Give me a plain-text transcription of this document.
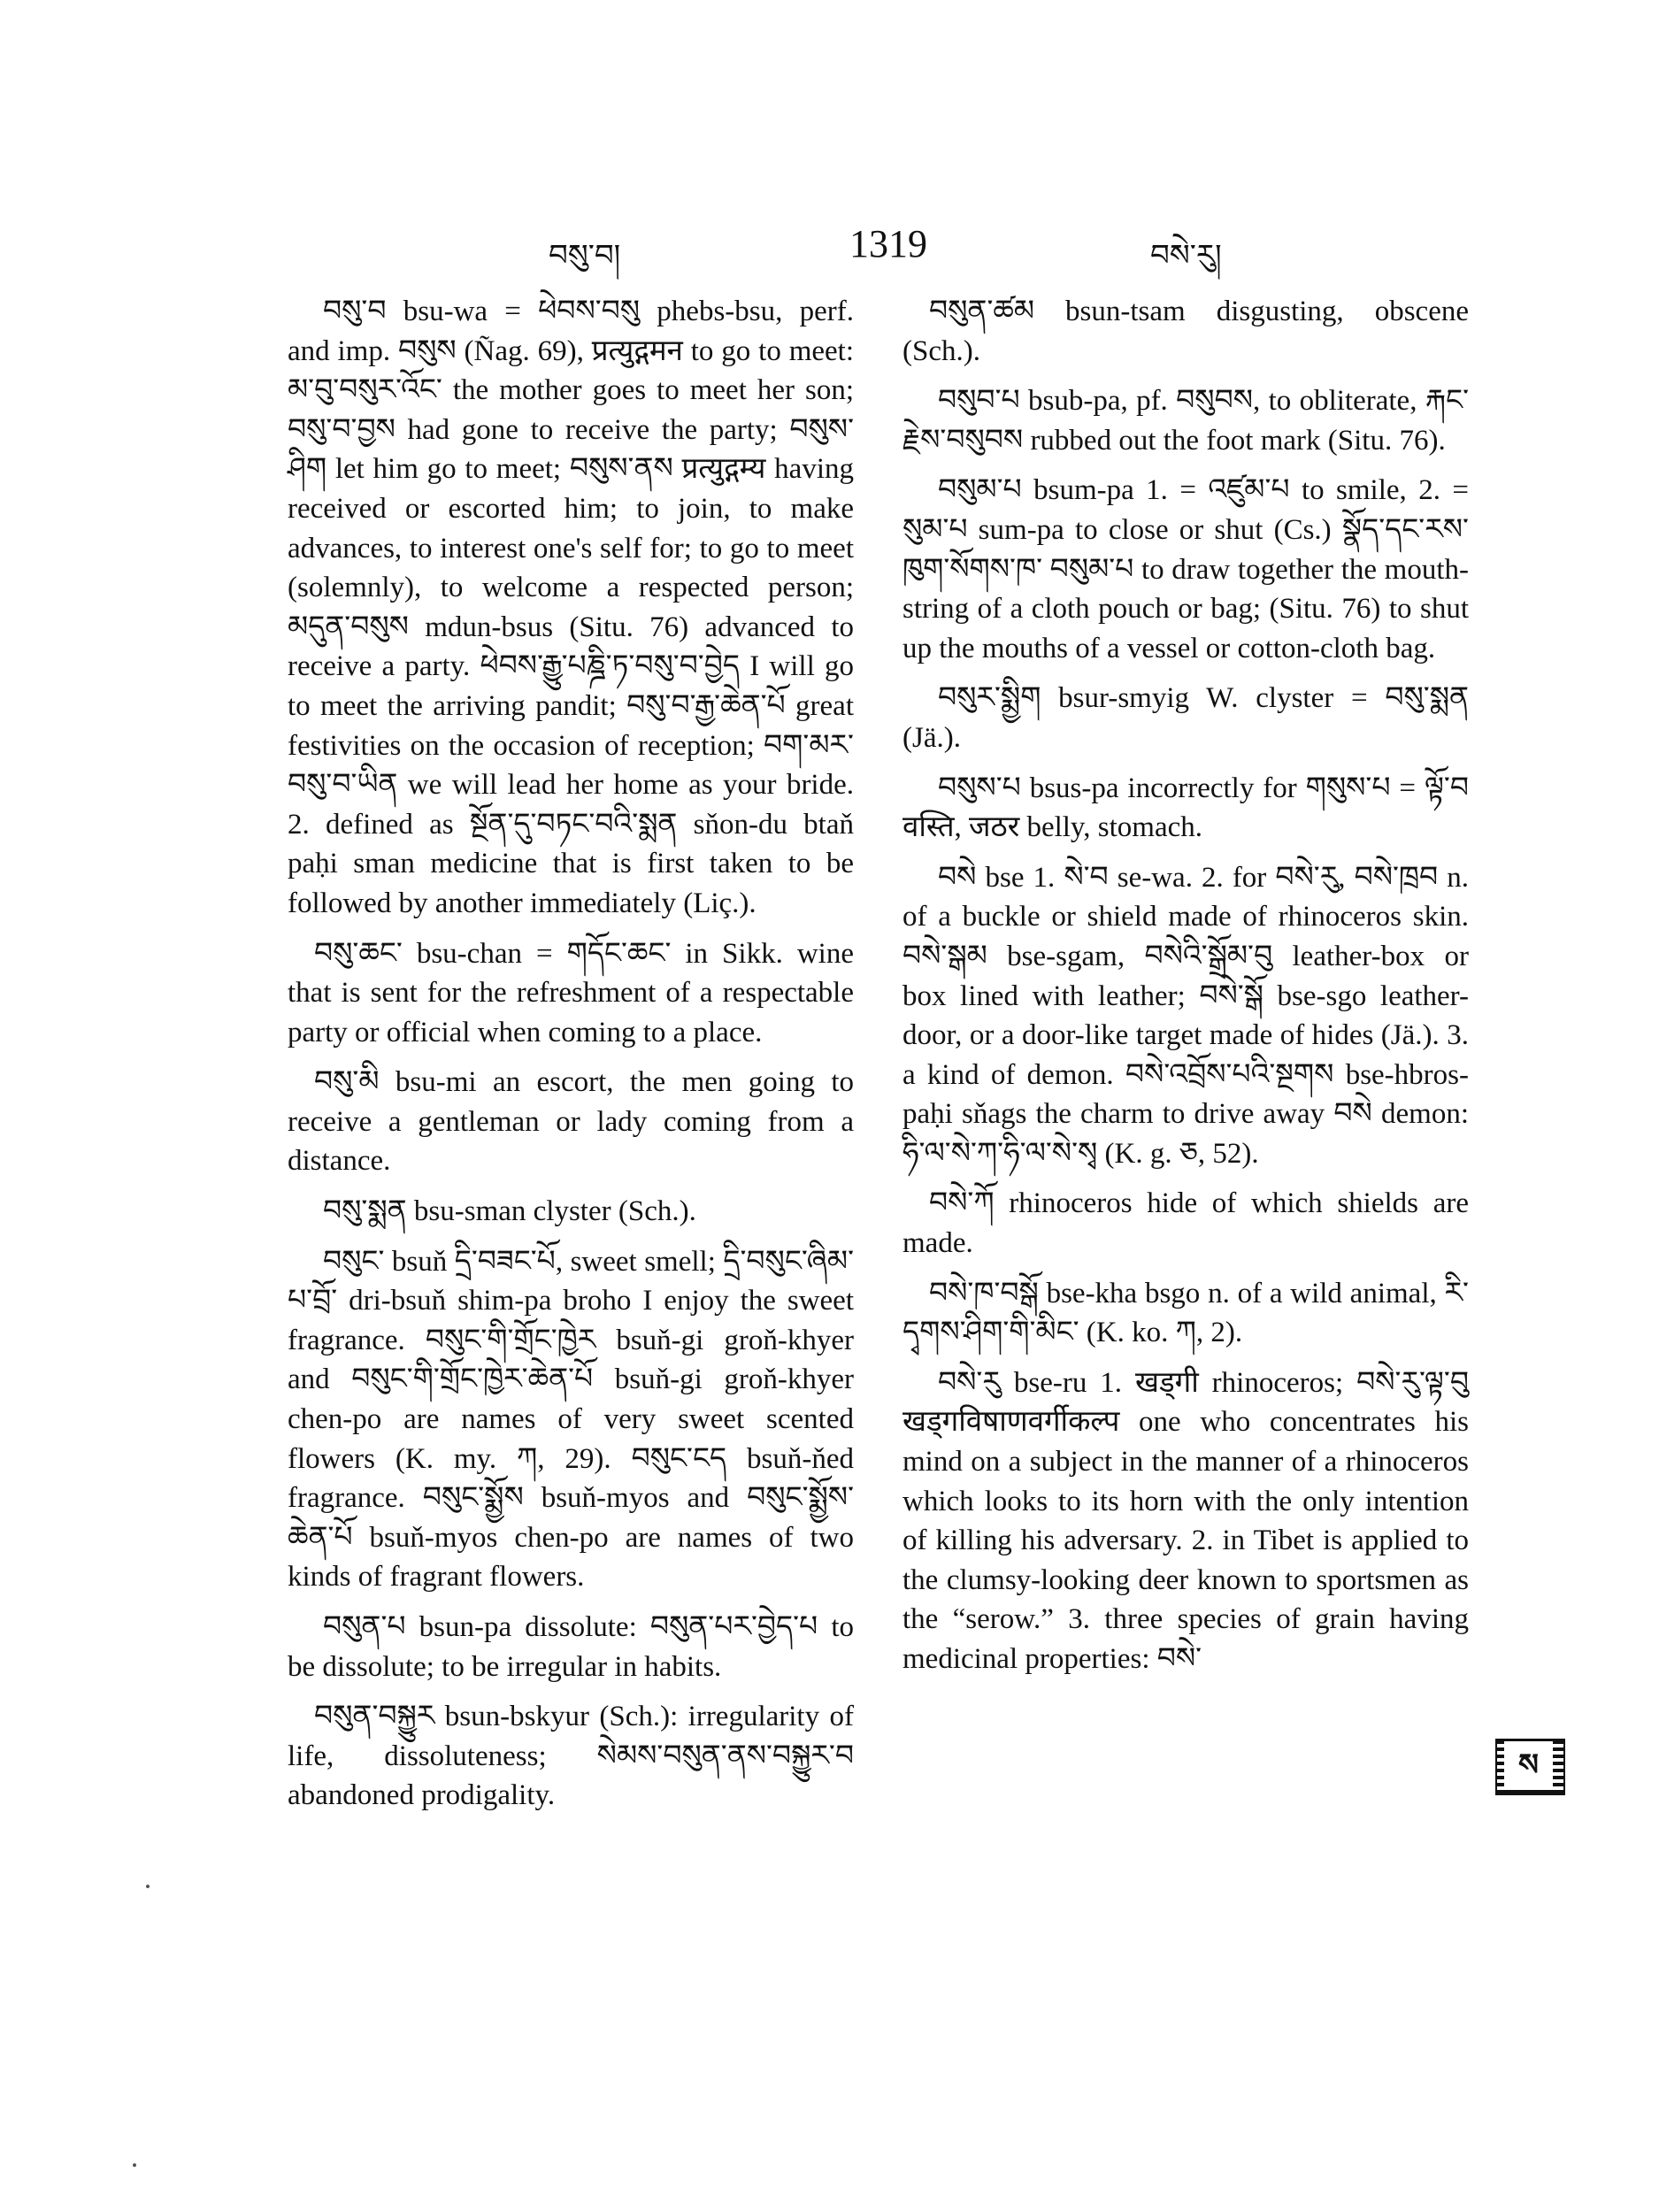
བསུ་བ།	1319	བསེ་རུ།

བསུ་བ bsu-wa = ཕེབས་བསུ phebs-bsu, perf. and imp. བསུས (Ñag. 69), प्रत्युद्गमन to go to meet: མ་བུ་བསུར་འོང་ the mother goes to meet her son; བསུ་བ་བྱས had gone to receive the party; བསུས་ཤིག let him go to meet; བསུས་ནས प्रत्युद्गम्य having received or escorted him; to join, to make advances, to interest one's self for; to go to meet (solemnly), to welcome a respected person; མདུན་བསུས mdun-bsus (Situ. 76) advanced to receive a party. ཕེབས་རྒྱུ་པཎྜི་ཏ་བསུ་བ་བྱེད I will go to meet the arriving pandit; བསུ་བ་རྒྱ་ཆེན་པོ great festivities on the occasion of reception; བག་མར་བསུ་བ་ཡིན we will lead her home as your bride. 2. defined as སྔོན་དུ་བཏང་བའི་སྨན sňon-du btaň paḥi sman medicine that is first taken to be followed by another immediately (Liç.).

བསུ་ཆང་ bsu-chan = གདོང་ཆང་ in Sikk. wine that is sent for the refreshment of a respectable party or official when coming to a place.

བསུ་མི bsu-mi an escort, the men going to receive a gentleman or lady coming from a distance.

བསུ་སྨན bsu-sman clyster (Sch.).

བསུང་ bsuň དྲི་བཟང་པོ, sweet smell; དྲི་བསུང་ཞིམ་པ་བྲོ་ dri-bsuň shim-pa broho I enjoy the sweet fragrance. བསུང་གི་གྲོང་ཁྱེར bsuň-gi groň-khyer and བསུང་གི་གྲོང་ཁྱེར་ཆེན་པོ bsuň-gi groň-khyer chen-po are names of very sweet scented flowers (K. my. ཀ, 29). བསུང་ངད bsuň-ňed fragrance. བསུང་སྨྱོས bsuň-myos and བསུང་སྨྱོས་ཆེན་པོ bsuň-myos chen-po are names of two kinds of fragrant flowers.

བསུན་པ bsun-pa dissolute: བསུན་པར་བྱེད་པ to be dissolute; to be irregular in habits.

བསུན་བསྐྱུར bsun-bskyur (Sch.): irregularity of life, dissoluteness; སེམས་བསུན་ནས་བསྐྱུར་བ abandoned prodigality.

བསུན་ཚམ bsun-tsam disgusting, obscene (Sch.).

བསུབ་པ bsub-pa, pf. བསུབས, to obliterate, རྐང་རྗེས་བསུབས rubbed out the foot mark (Situ. 76).

བསུམ་པ bsum-pa 1. = འཛུམ་པ to smile, 2. = སུམ་པ sum-pa to close or shut (Cs.) སྣོད་དང་རས་ཁུག་སོགས་ཁ་ བསུམ་པ to draw together the mouth-string of a cloth pouch or bag; (Situ. 76) to shut up the mouths of a vessel or cotton-cloth bag.

བསུར་སྨྱིག bsur-smyig W. clyster = བསུ་སྨན (Jä.).

བསུས་པ bsus-pa incorrectly for གསུས་པ = ལྟོ་བ वस्ति, जठर belly, stomach.

བསེ bse 1. སེ་བ se-wa. 2. for བསེ་རུ, བསེ་ཁྲབ n. of a buckle or shield made of rhinoceros skin. བསེ་སྒམ bse-sgam, བསེའི་སྒྲོམ་བུ leather-box or box lined with leather; བསེ་སྒོ bse-sgo leather-door, or a door-like target made of hides (Jä.). 3. a kind of demon. བསེ་འབྲོས་པའི་སྔགས bse-hbros-paḥi sňags the charm to drive away བསེ demon: ཧི་ལ་སེ་ཀ་ཧི་ལ་སེ་སྭ (K. g. ཅ, 52).

བསེ་ཀོ rhinoceros hide of which shields are made.

བསེ་ཁ་བསྒོ bse-kha bsgo n. of a wild animal, རི་དྭགས་ཤིག་གི་མིང་ (K. ko. ཀ, 2).

བསེ་རུ bse-ru 1. खड्गी rhinoceros; བསེ་རུ་ལྟ་བུ खड्गविषाणवर्गीकल्प one who concentrates his mind on a subject in the manner of a rhinoceros which looks to its horn with the only intention of killing his adversary. 2. in Tibet is applied to the clumsy-looking deer known to sportsmen as the “serow.” 3. three species of grain having medicinal properties: བསེ་

ས
